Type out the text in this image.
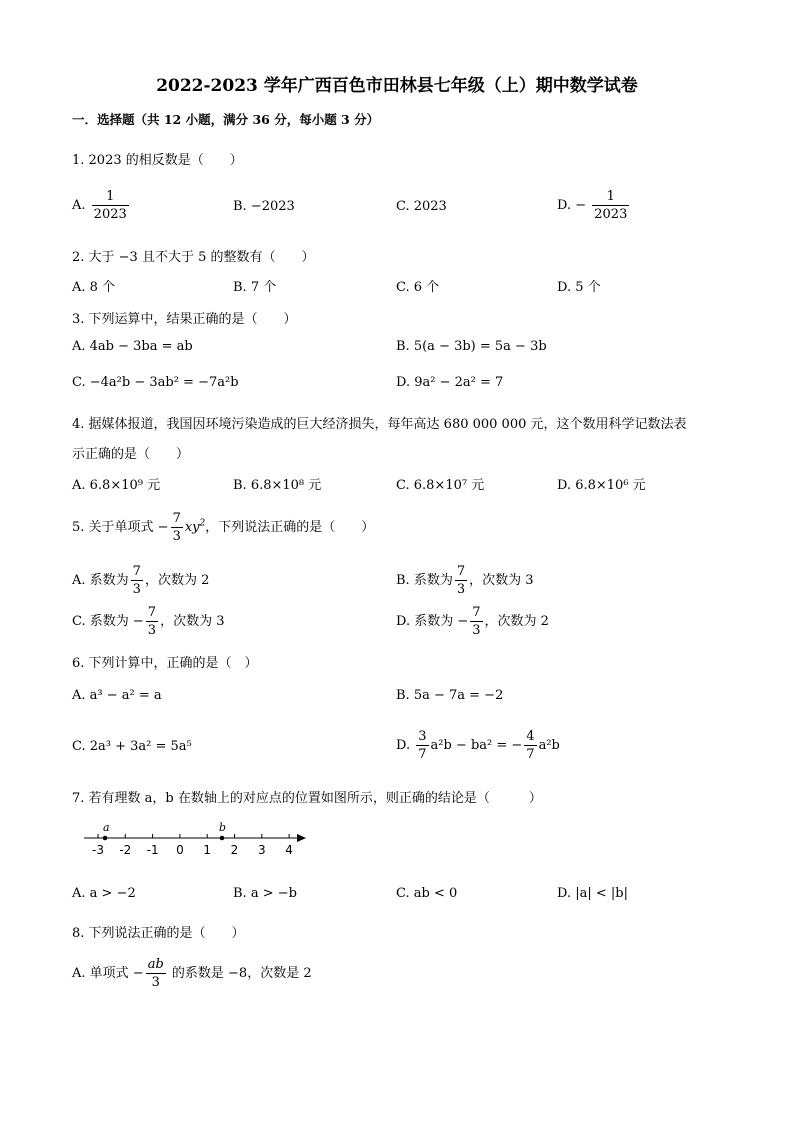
2022-2023 学年广西百色市田林县七年级（上）期中数学试卷
一．选择题（共 12 小题，满分 36 分，每小题 3 分）
1. 2023 的相反数是（　　）
A. $\frac{1}{2023}$	B. −2023	C. 2023	D. − $\frac{1}{2023}$
2. 大于 −3 且不大于 5 的整数有（　　）
A. 8 个	B. 7 个	C. 6 个	D. 5 个
3. 下列运算中，结果正确的是（　　）
A. 4ab − 3ba = ab	B. 5(a − 3b) = 5a − 3b
C. −4a²b − 3ab² = −7a²b	D. 9a² − 2a² = 7
4. 据媒体报道，我国因环境污染造成的巨大经济损失，每年高达 680 000 000 元，这个数用科学记数法表
示正确的是（　　）
A. 6.8×10⁹ 元	B. 6.8×10⁸ 元	C. 6.8×10⁷ 元	D. 6.8×10⁶ 元
5. 关于单项式 − $\frac{7}{3} xy^2$，下列说法正确的是（　　）
A. 系数为 $\frac{7}{3}$ ，次数为 2	B. 系数为 $\frac{7}{3}$ ，次数为 3
C. 系数为 − $\frac{7}{3}$ ，次数为 3	D. 系数为 − $\frac{7}{3}$ ，次数为 2
6. 下列计算中，正确的是（　）
A. a³ − a² = a	B. 5a − 7a = −2
C. 2a³ + 3a² = 5a⁵	D. $\frac{3}{7} a^2b - ba^2$ = − $\frac{4}{7} a^2b$
7. 若有理数 a，b 在数轴上的对应点的位置如图所示，则正确的结论是（　　　）
-3 -2 -1 0 1 2 3 4
a	b
A. a > −2	B. a > −b	C. ab < 0	D. |a| < |b|
8. 下列说法正确的是（　　）
A. 单项式 − $\frac{ab}{3}$ 的系数是 −8，次数是 2
